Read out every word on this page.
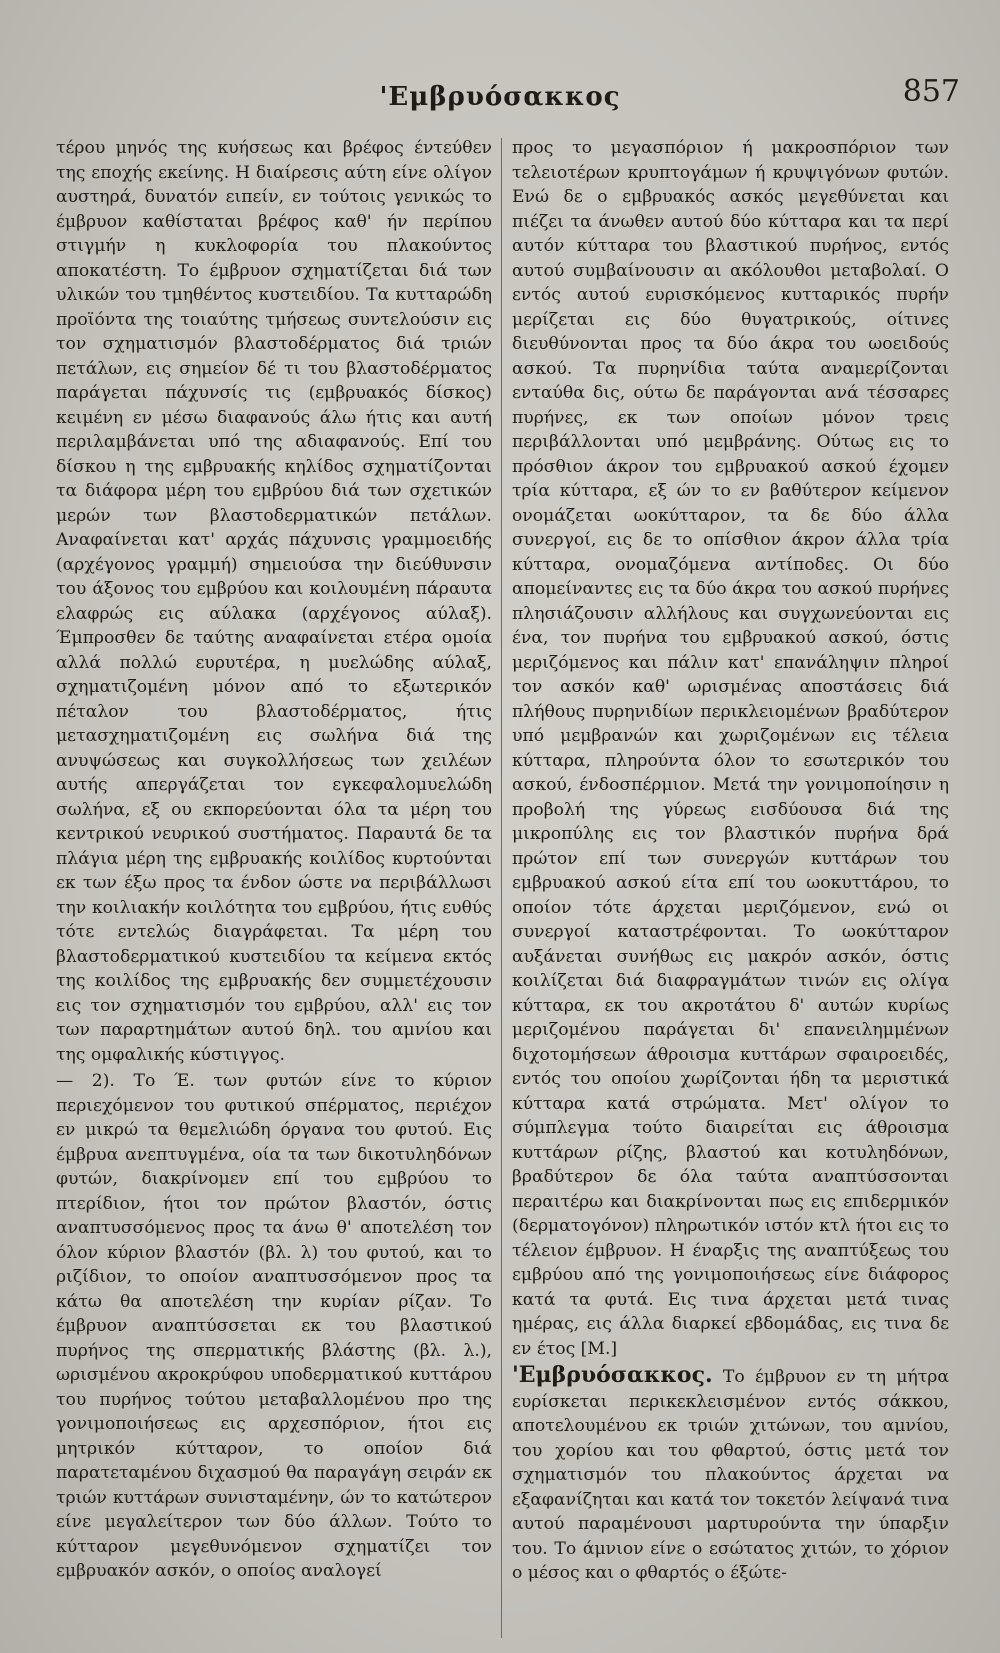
'Εμβρυόσακκος	857

τέρου μηνός της κυήσεως και βρέφος έντεύθεν της εποχής εκείνης. Η διαίρεσις αύτη είνε ολίγον αυστηρά, δυνατόν ειπείν, εν τούτοις γενικώς το έμβρυον καθίσταται βρέφος καθ' ήν περίπου στιγμήν η κυκλοφορία του πλακούντος αποκατέστη. Το έμβρυον σχηματίζεται διά των υλικών του τμηθέντος κυστειδίου. Τα κυτταρώδη προϊόντα της τοιαύτης τμήσεως συντελούσιν εις τον σχηματισμόν βλαστοδέρματος διά τριών πετάλων, εις σημείον δέ τι του βλαστοδέρματος παράγεται πάχυνσίς τις (εμβρυακός δίσκος) κειμένη εν μέσω διαφανούς άλω ήτις και αυτή περιλαμβάνεται υπό της αδιαφανούς. Επί του δίσκου η της εμβρυακής κηλίδος σχηματίζονται τα διάφορα μέρη του εμβρύου διά των σχετικών μερών των βλαστοδερματικών πετάλων. Αναφαίνεται κατ' αρχάς πάχυνσις γραμμοειδής (αρχέγονος γραμμή) σημειούσα την διεύθυνσιν του άξονος του εμβρύου και κοιλουμένη πάραυτα ελαφρώς εις αύλακα (αρχέγονος αύλαξ). Έμπροσθεν δε ταύτης αναφαίνεται ετέρα ομοία αλλά πολλώ ευρυτέρα, η μυελώδης αύλαξ, σχηματιζομένη μόνον από το εξωτερικόν πέταλον του βλαστοδέρματος, ήτις μετασχηματιζομένη εις σωλήνα διά της ανυψώσεως και συγκολλήσεως των χειλέων αυτής απεργάζεται τον εγκεφαλομυελώδη σωλήνα, εξ ου εκπορεύονται όλα τα μέρη του κεντρικού νευρικού συστήματος. Παραυτά δε τα πλάγια μέρη της εμβρυακής κοιλίδος κυρτούνται εκ των έξω προς τα ένδον ώστε να περιβάλλωσι την κοιλιακήν κοιλότητα του εμβρύου, ήτις ευθύς τότε εντελώς διαγράφεται. Τα μέρη του βλαστοδερματικού κυστειδίου τα κείμενα εκτός της κοιλίδος της εμβρυακής δεν συμμετέχουσιν εις τον σχηματισμόν του εμβρύου, αλλ' εις τον των παραρτημάτων αυτού δηλ. του αμνίου και της ομφαλικής κύστιγγος.

— 2). Το Έ. των φυτών είνε το κύριον περιεχόμενον του φυτικού σπέρματος, περιέχον εν μικρώ τα θεμελιώδη όργανα του φυτού. Εις έμβρυα ανεπτυγμένα, οία τα των δικοτυληδόνων φυτών, διακρίνομεν επί του εμβρύου το πτερίδιον, ήτοι τον πρώτον βλαστόν, όστις αναπτυσσόμενος προς τα άνω θ' αποτελέση τον όλον κύριον βλαστόν (βλ. λ) του φυτού, και το ριζίδιον, το οποίον αναπτυσσόμενον προς τα κάτω θα αποτελέση την κυρίαν ρίζαν. Το έμβρυον αναπτύσσεται εκ του βλαστικού πυρήνος της σπερματικής βλάστης (βλ. λ.), ωρισμένου ακροκρύφου υποδερματικού κυττάρου του πυρήνος τούτου μεταβαλλομένου προ της γονιμοποιήσεως εις αρχεσπόριον, ήτοι εις μητρικόν κύτταρον, το οποίον διά παρατεταμένου διχασμού θα παραγάγη σειράν εκ τριών κυττάρων συνισταμένην, ών το κατώτερον είνε μεγαλείτερον των δύο άλλων. Τούτο το κύτταρον μεγεθυνόμενον σχηματίζει τον εμβρυακόν ασκόν, ο οποίος αναλογεί

προς το μεγασπόριον ή μακροσπόριον των τελειοτέρων κρυπτογάμων ή κρυψιγόνων φυτών. Ενώ δε ο εμβρυακός ασκός μεγεθύνεται και πιέζει τα άνωθεν αυτού δύο κύτταρα και τα περί αυτόν κύτταρα του βλαστικού πυρήνος, εντός αυτού συμβαίνουσιν αι ακόλουθοι μεταβολαί. Ο εντός αυτού ευρισκόμενος κυτταρικός πυρήν μερίζεται εις δύο θυγατρικούς, οίτινες διευθύνονται προς τα δύο άκρα του ωοειδούς ασκού. Τα πυρηνίδια ταύτα αναμερίζονται ενταύθα δις, ούτω δε παράγονται ανά τέσσαρες πυρήνες, εκ των οποίων μόνον τρεις περιβάλλονται υπό μεμβράνης. Ούτως εις το πρόσθιον άκρον του εμβρυακού ασκού έχομεν τρία κύτταρα, εξ ών το εν βαθύτερον κείμενον ονομάζεται ωοκύτταρον, τα δε δύο άλλα συνεργοί, εις δε το οπίσθιον άκρον άλλα τρία κύτταρα, ονομαζόμενα αντίποδες. Οι δύο απομείναντες εις τα δύο άκρα του ασκού πυρήνες πλησιάζουσιν αλλήλους και συγχωνεύονται εις ένα, τον πυρήνα του εμβρυακού ασκού, όστις μεριζόμενος και πάλιν κατ' επανάληψιν πληροί τον ασκόν καθ' ωρισμένας αποστάσεις διά πλήθους πυρηνιδίων περικλειομένων βραδύτερον υπό μεμβρανών και χωριζομένων εις τέλεια κύτταρα, πληρούντα όλον το εσωτερικόν του ασκού, ένδοσπέρμιον. Μετά την γονιμοποίησιν η προβολή της γύρεως εισδύουσα διά της μικροπύλης εις τον βλαστικόν πυρήνα δρά πρώτον επί των συνεργών κυττάρων του εμβρυακού ασκού είτα επί του ωοκυττάρου, το οποίον τότε άρχεται μεριζόμενον, ενώ οι συνεργοί καταστρέφονται. Το ωοκύτταρον αυξάνεται συνήθως εις μακρόν ασκόν, όστις κοιλίζεται διά διαφραγμάτων τινών εις ολίγα κύτταρα, εκ του ακροτάτου δ' αυτών κυρίως μεριζομένου παράγεται δι' επανειλημμένων διχοτομήσεων άθροισμα κυττάρων σφαιροειδές, εντός του οποίου χωρίζονται ήδη τα μεριστικά κύτταρα κατά στρώματα. Μετ' ολίγον το σύμπλεγμα τούτο διαιρείται εις άθροισμα κυττάρων ρίζης, βλαστού και κοτυληδόνων, βραδύτερον δε όλα ταύτα αναπτύσσονται περαιτέρω και διακρίνονται πως εις επιδερμικόν (δερματογόνον) πληρωτικόν ιστόν κτλ ήτοι εις το τέλειον έμβρυον. Η έναρξις της αναπτύξεως του εμβρύου από της γονιμοποιήσεως είνε διάφορος κατά τα φυτά. Εις τινα άρχεται μετά τινας ημέρας, εις άλλα διαρκεί εβδομάδας, εις τινα δε εν έτος [Μ.]

'Εμβρυόσακκος. Το έμβρυον εν τη μήτρα ευρίσκεται περικεκλεισμένον εντός σάκκου, αποτελουμένου εκ τριών χιτώνων, του αμνίου, του χορίου και του φθαρτού, όστις μετά τον σχηματισμόν του πλακούντος άρχεται να εξαφανίζηται και κατά τον τοκετόν λείψανά τινα αυτού παραμένουσι μαρτυρούντα την ύπαρξιν του. Το άμνιον είνε ο εσώτατος χιτών, το χόριον ο μέσος και ο φθαρτός ο έξώτε-
